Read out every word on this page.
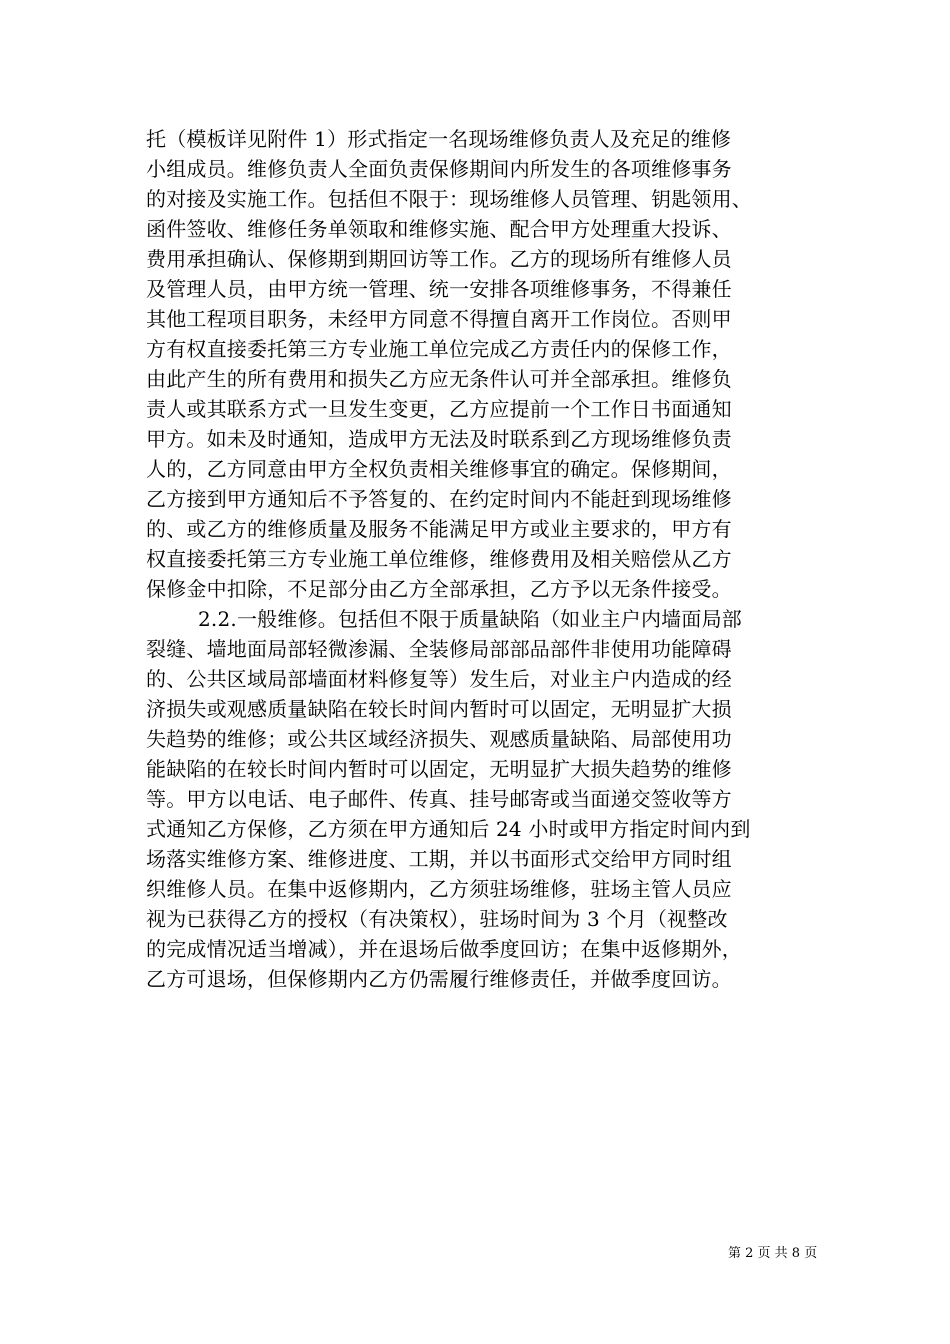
托（模板详见附件 1）形式指定一名现场维修负责人及充足的维修
小组成员。维修负责人全面负责保修期间内所发生的各项维修事务
的对接及实施工作。包括但不限于：现场维修人员管理、钥匙领用、
函件签收、维修任务单领取和维修实施、配合甲方处理重大投诉、
费用承担确认、保修期到期回访等工作。乙方的现场所有维修人员
及管理人员，由甲方统一管理、统一安排各项维修事务，不得兼任
其他工程项目职务，未经甲方同意不得擅自离开工作岗位。否则甲
方有权直接委托第三方专业施工单位完成乙方责任内的保修工作，
由此产生的所有费用和损失乙方应无条件认可并全部承担。维修负
责人或其联系方式一旦发生变更，乙方应提前一个工作日书面通知
甲方。如未及时通知，造成甲方无法及时联系到乙方现场维修负责
人的，乙方同意由甲方全权负责相关维修事宜的确定。保修期间，
乙方接到甲方通知后不予答复的、在约定时间内不能赶到现场维修
的、或乙方的维修质量及服务不能满足甲方或业主要求的，甲方有
权直接委托第三方专业施工单位维修，维修费用及相关赔偿从乙方
保修金中扣除，不足部分由乙方全部承担，乙方予以无条件接受。
2.2.一般维修。包括但不限于质量缺陷（如业主户内墙面局部
裂缝、墙地面局部轻微渗漏、全装修局部部品部件非使用功能障碍
的、公共区域局部墙面材料修复等）发生后，对业主户内造成的经
济损失或观感质量缺陷在较长时间内暂时可以固定，无明显扩大损
失趋势的维修；或公共区域经济损失、观感质量缺陷、局部使用功
能缺陷的在较长时间内暂时可以固定，无明显扩大损失趋势的维修
等。甲方以电话、电子邮件、传真、挂号邮寄或当面递交签收等方
式通知乙方保修，乙方须在甲方通知后 24 小时或甲方指定时间内到
场落实维修方案、维修进度、工期，并以书面形式交给甲方同时组
织维修人员。在集中返修期内，乙方须驻场维修，驻场主管人员应
视为已获得乙方的授权（有决策权），驻场时间为 3 个月（视整改
的完成情况适当增减），并在退场后做季度回访；在集中返修期外，
乙方可退场，但保修期内乙方仍需履行维修责任，并做季度回访。
第 2 页 共 8 页
